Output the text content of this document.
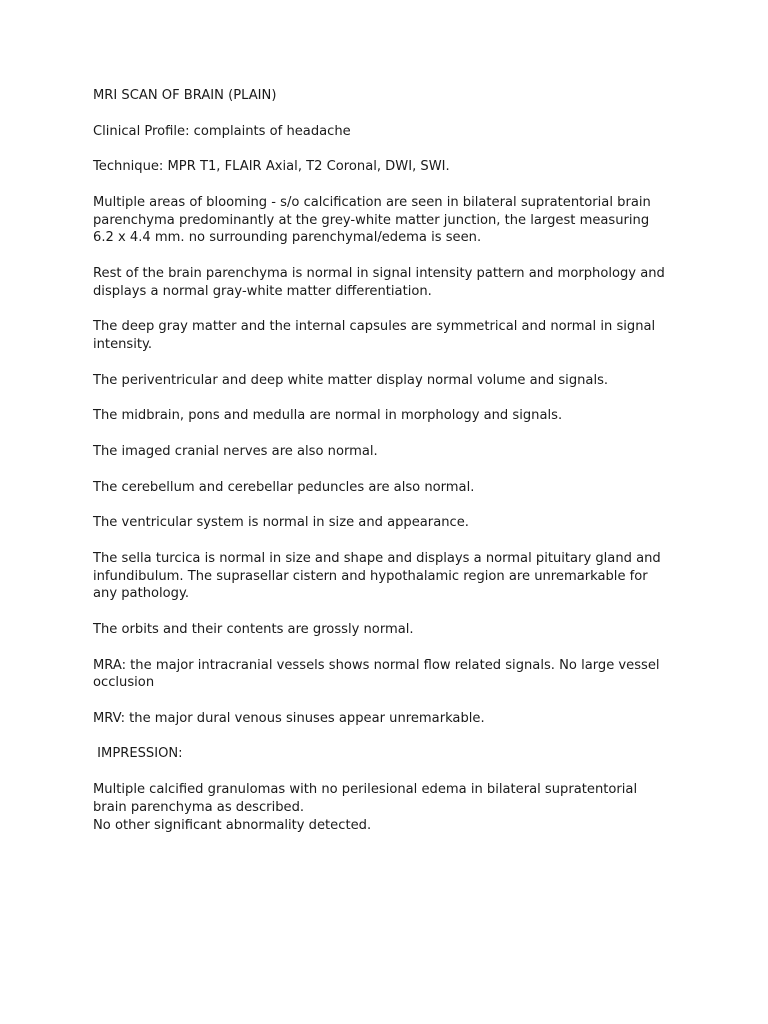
MRI SCAN OF BRAIN (PLAIN)

Clinical Profile: complaints of headache

Technique: MPR T1, FLAIR Axial, T2 Coronal, DWI, SWI.

Multiple areas of blooming - s/o calcification are seen in bilateral supratentorial brain parenchyma predominantly at the grey-white matter junction, the largest measuring 6.2 x 4.4 mm. no surrounding parenchymal/edema is seen.

Rest of the brain parenchyma is normal in signal intensity pattern and morphology and displays a normal gray-white matter differentiation.

The deep gray matter and the internal capsules are symmetrical and normal in signal intensity.

The periventricular and deep white matter display normal volume and signals.

The midbrain, pons and medulla are normal in morphology and signals.

The imaged cranial nerves are also normal.

The cerebellum and cerebellar peduncles are also normal.

The ventricular system is normal in size and appearance.

The sella turcica is normal in size and shape and displays a normal pituitary gland and infundibulum. The suprasellar cistern and hypothalamic region are unremarkable for any pathology.

The orbits and their contents are grossly normal.

MRA: the major intracranial vessels shows normal flow related signals. No large vessel occlusion

MRV: the major dural venous sinuses appear unremarkable.

IMPRESSION:

Multiple calcified granulomas with no perilesional edema in bilateral supratentorial brain parenchyma as described.

No other significant abnormality detected.
